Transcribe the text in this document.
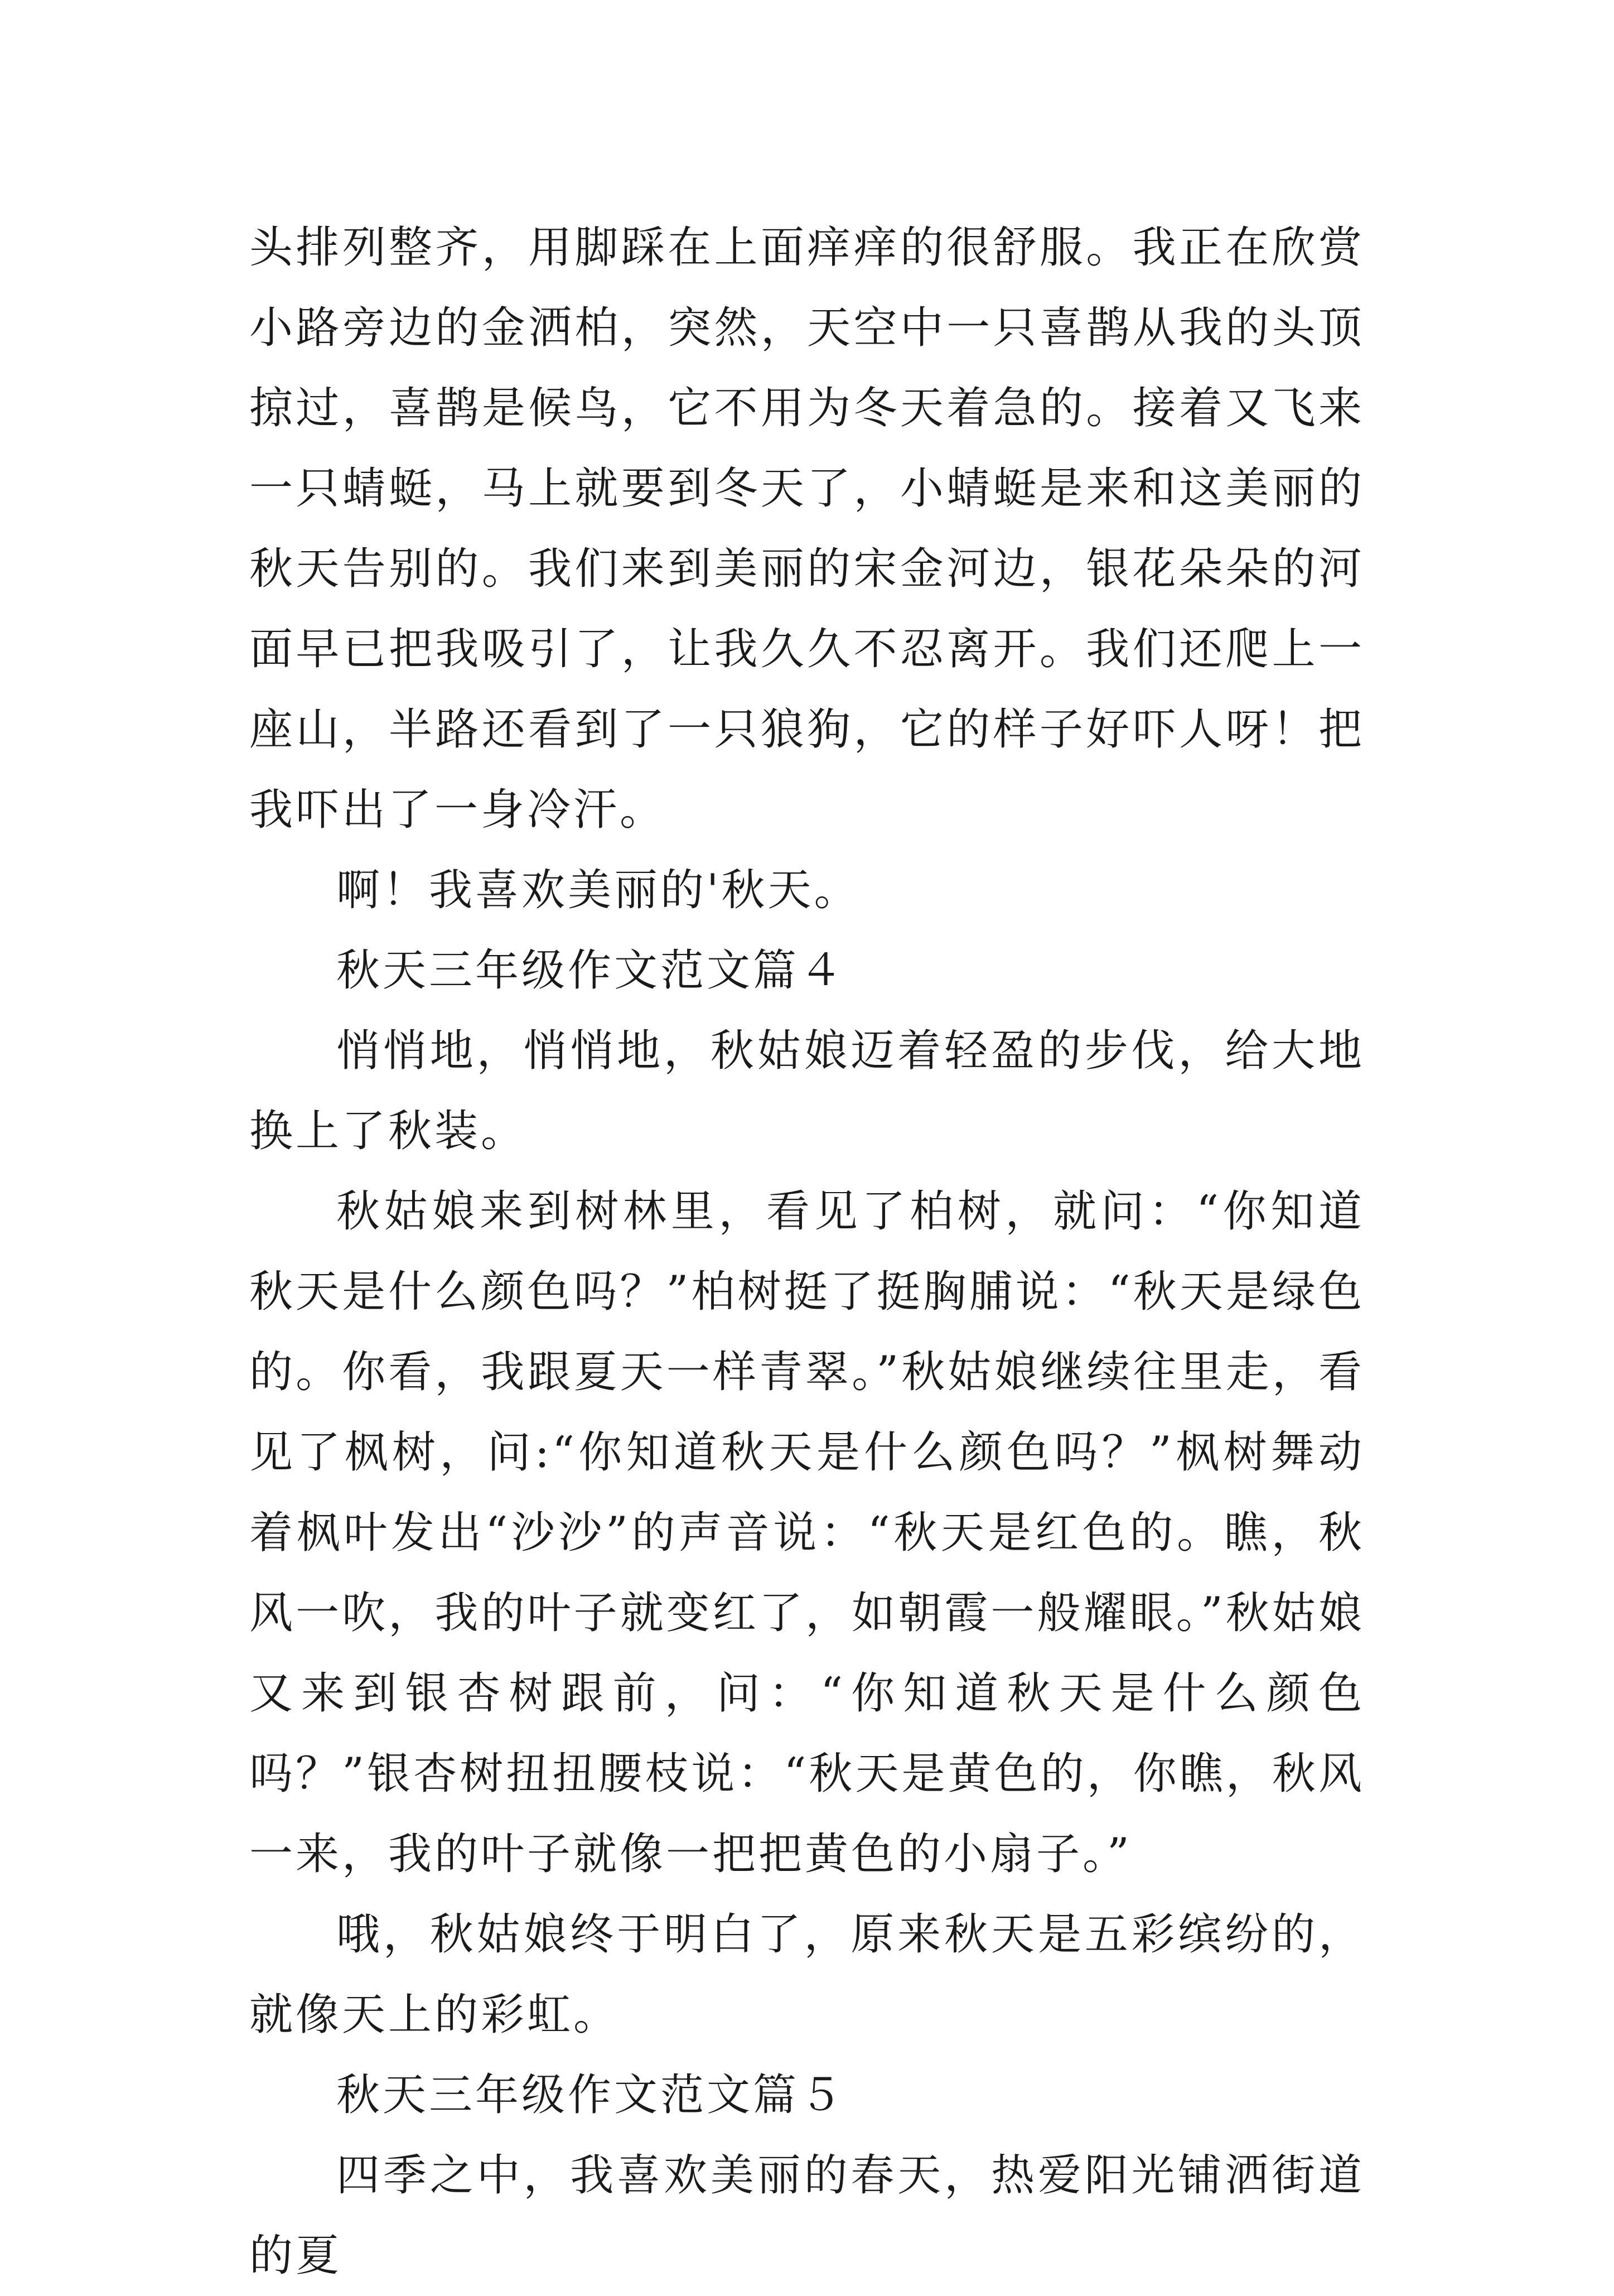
头排列整齐，用脚踩在上面痒痒的很舒服。我正在欣赏小路旁边的金洒柏，突然，天空中一只喜鹊从我的头顶掠过，喜鹊是候鸟，它不用为冬天着急的。接着又飞来一只蜻蜓，马上就要到冬天了，小蜻蜓是来和这美丽的秋天告别的。我们来到美丽的宋金河边，银花朵朵的河面早已把我吸引了，让我久久不忍离开。我们还爬上一座山，半路还看到了一只狼狗，它的样子好吓人呀！把我吓出了一身冷汗。

啊！我喜欢美丽的'秋天。

秋天三年级作文范文篇４

悄悄地，悄悄地，秋姑娘迈着轻盈的步伐，给大地换上了秋装。

秋姑娘来到树林里，看见了柏树，就问：“你知道秋天是什么颜色吗？”柏树挺了挺胸脯说：“秋天是绿色的。你看，我跟夏天一样青翠。”秋姑娘继续往里走，看见了枫树，问:“你知道秋天是什么颜色吗？”枫树舞动着枫叶发出“沙沙”的声音说：“秋天是红色的。瞧，秋风一吹，我的叶子就变红了，如朝霞一般耀眼。”秋姑娘又来到银杏树跟前，问：“你知道秋天是什么颜色吗？”银杏树扭扭腰枝说：“秋天是黄色的，你瞧，秋风一来，我的叶子就像一把把黄色的小扇子。”

哦，秋姑娘终于明白了，原来秋天是五彩缤纷的，就像天上的彩虹。

秋天三年级作文范文篇５

四季之中，我喜欢美丽的春天，热爱阳光铺洒街道的夏
